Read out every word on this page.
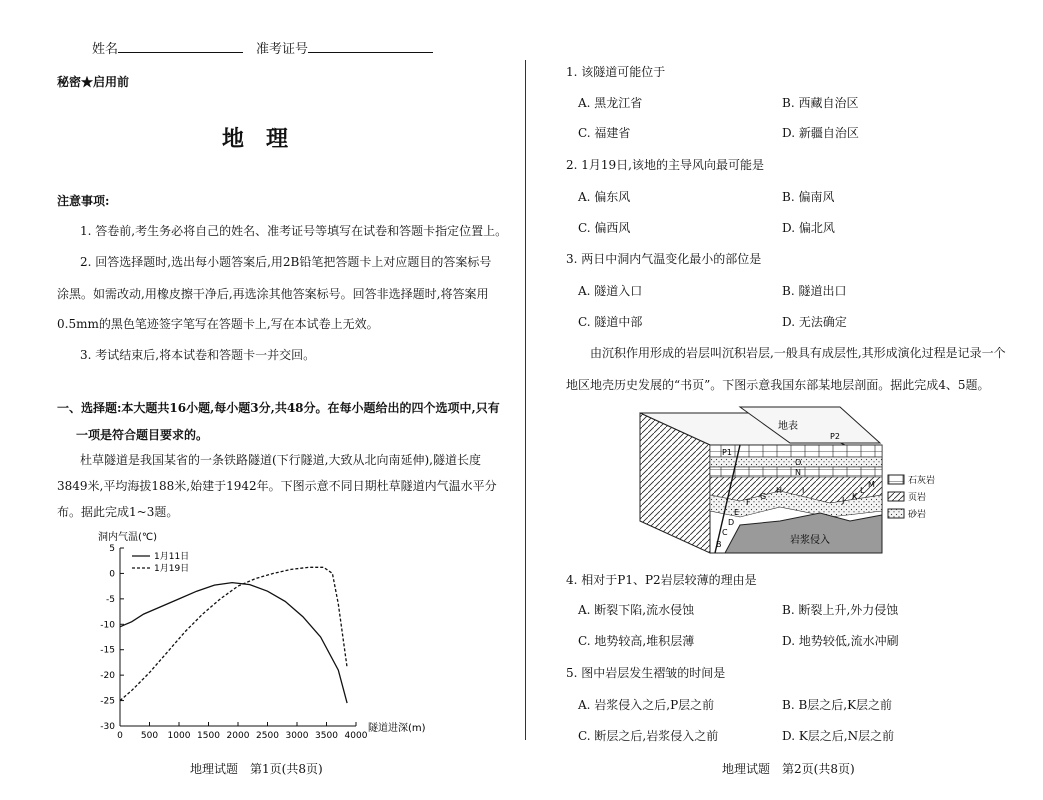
姓名	准考证号
秘密★启用前
地　理
注意事项:
1. 答卷前,考生务必将自己的姓名、准考证号等填写在试卷和答题卡指定位置上。
2. 回答选择题时,选出每小题答案后,用2B铅笔把答题卡上对应题目的答案标号
涂黑。如需改动,用橡皮擦干净后,再选涂其他答案标号。回答非选择题时,将答案用
0.5mm的黑色笔迹签字笔写在答题卡上,写在本试卷上无效。
3. 考试结束后,将本试卷和答题卡一并交回。
一、选择题:本大题共16小题,每小题3分,共48分。在每小题给出的四个选项中,只有
一项是符合题目要求的。
杜草隧道是我国某省的一条铁路隧道(下行隧道,大致从北向南延伸),隧道长度
3849米,平均海拔188米,始建于1942年。下图示意不同日期杜草隧道内气温水平分
布。据此完成1~3题。
洞内气温(℃)
隧道进深(m)
5
0
-5
-10
-15
-20
-25
-30
0 500 1000 1500 2000 2500 3000 3500 4000
1月11日
1月19日
地理试题　第1页(共8页)
1. 该隧道可能位于
A. 黑龙江省	B. 西藏自治区
C. 福建省	D. 新疆自治区
2. 1月19日,该地的主导风向最可能是
A. 偏东风	B. 偏南风
C. 偏西风	D. 偏北风
3. 两日中洞内气温变化最小的部位是
A. 隧道入口	B. 隧道出口
C. 隧道中部	D. 无法确定
由沉积作用形成的岩层叫沉积岩层,一般具有成层性,其形成演化过程是记录一个
地区地壳历史发展的“书页”。下图示意我国东部某地层剖面。据此完成4、5题。
岩浆侵入
地表
P1
P2
O
N
M
L
K
J
I
H
G
F
E
D
C
B
石灰岩
页岩
砂岩
4. 相对于P1、P2岩层较薄的理由是
A. 断裂下陷,流水侵蚀	B. 断裂上升,外力侵蚀
C. 地势较高,堆积层薄	D. 地势较低,流水冲刷
5. 图中岩层发生褶皱的时间是
A. 岩浆侵入之后,P层之前	B. B层之后,K层之前
C. 断层之后,岩浆侵入之前	D. K层之后,N层之前
地理试题　第2页(共8页)
